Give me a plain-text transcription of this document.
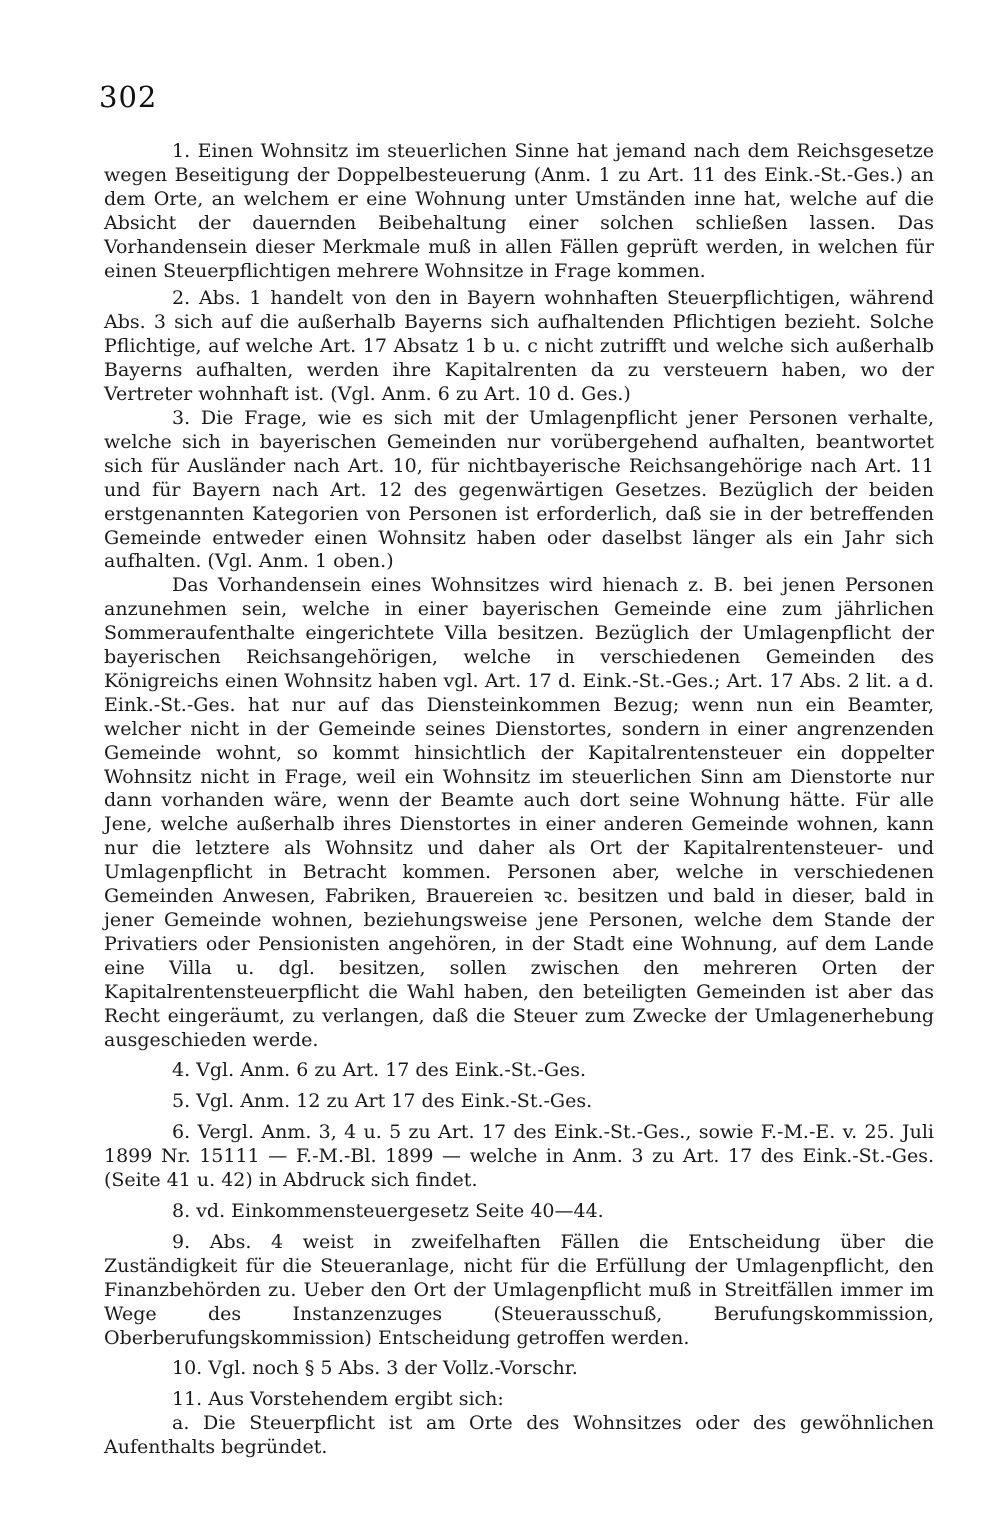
302

1. Einen Wohnsitz im steuerlichen Sinne hat jemand nach dem Reichsgesetze wegen Beseitigung der Doppelbesteuerung (Anm. 1 zu Art. 11 des Eink.-St.-Ges.) an dem Orte, an welchem er eine Wohnung unter Umständen inne hat, welche auf die Absicht der dauernden Beibehaltung einer solchen schließen lassen. Das Vorhandensein dieser Merkmale muß in allen Fällen geprüft werden, in welchen für einen Steuerpflichtigen mehrere Wohnsitze in Frage kommen.

2. Abs. 1 handelt von den in Bayern wohnhaften Steuerpflichtigen, während Abs. 3 sich auf die außerhalb Bayerns sich aufhaltenden Pflichtigen bezieht. Solche Pflichtige, auf welche Art. 17 Absatz 1 b u. c nicht zutrifft und welche sich außerhalb Bayerns aufhalten, werden ihre Kapitalrenten da zu versteuern haben, wo der Vertreter wohnhaft ist. (Vgl. Anm. 6 zu Art. 10 d. Ges.)

3. Die Frage, wie es sich mit der Umlagenpflicht jener Personen verhalte, welche sich in bayerischen Gemeinden nur vorübergehend aufhalten, beantwortet sich für Ausländer nach Art. 10, für nichtbayerische Reichsangehörige nach Art. 11 und für Bayern nach Art. 12 des gegenwärtigen Gesetzes. Bezüglich der beiden erstgenannten Kategorien von Personen ist erforderlich, daß sie in der betreffenden Gemeinde entweder einen Wohnsitz haben oder daselbst länger als ein Jahr sich aufhalten. (Vgl. Anm. 1 oben.)

Das Vorhandensein eines Wohnsitzes wird hienach z. B. bei jenen Personen anzunehmen sein, welche in einer bayerischen Gemeinde eine zum jährlichen Sommeraufenthalte eingerichtete Villa besitzen. Bezüglich der Umlagenpflicht der bayerischen Reichsangehörigen, welche in verschiedenen Gemeinden des Königreichs einen Wohnsitz haben vgl. Art. 17 d. Eink.-St.-Ges.; Art. 17 Abs. 2 lit. a d. Eink.-St.-Ges. hat nur auf das Diensteinkommen Bezug; wenn nun ein Beamter, welcher nicht in der Gemeinde seines Dienstortes, sondern in einer angrenzenden Gemeinde wohnt, so kommt hinsichtlich der Kapitalrentensteuer ein doppelter Wohnsitz nicht in Frage, weil ein Wohnsitz im steuerlichen Sinn am Dienstorte nur dann vorhanden wäre, wenn der Beamte auch dort seine Wohnung hätte. Für alle Jene, welche außerhalb ihres Dienstortes in einer anderen Gemeinde wohnen, kann nur die letztere als Wohnsitz und daher als Ort der Kapitalrentensteuer- und Umlagenpflicht in Betracht kommen. Personen aber, welche in verschiedenen Gemeinden Anwesen, Fabriken, Brauereien ꝛc. besitzen und bald in dieser, bald in jener Gemeinde wohnen, beziehungsweise jene Personen, welche dem Stande der Privatiers oder Pensionisten angehören, in der Stadt eine Wohnung, auf dem Lande eine Villa u. dgl. besitzen, sollen zwischen den mehreren Orten der Kapitalrentensteuerpflicht die Wahl haben, den beteiligten Gemeinden ist aber das Recht eingeräumt, zu verlangen, daß die Steuer zum Zwecke der Umlagenerhebung ausgeschieden werde.

4. Vgl. Anm. 6 zu Art. 17 des Eink.-St.-Ges.

5. Vgl. Anm. 12 zu Art 17 des Eink.-St.-Ges.

6. Vergl. Anm. 3, 4 u. 5 zu Art. 17 des Eink.-St.-Ges., sowie F.-M.-E. v. 25. Juli 1899 Nr. 15111 — F.-M.-Bl. 1899 — welche in Anm. 3 zu Art. 17 des Eink.-St.-Ges. (Seite 41 u. 42) in Abdruck sich findet.

8. vd. Einkommensteuergesetz Seite 40—44.

9. Abs. 4 weist in zweifelhaften Fällen die Entscheidung über die Zuständigkeit für die Steueranlage, nicht für die Erfüllung der Umlagenpflicht, den Finanzbehörden zu. Ueber den Ort der Umlagenpflicht muß in Streitfällen immer im Wege des Instanzenzuges (Steuerausschuß, Berufungskommission, Oberberufungskommission) Entscheidung getroffen werden.

10. Vgl. noch § 5 Abs. 3 der Vollz.-Vorschr.

11. Aus Vorstehendem ergibt sich:

a. Die Steuerpflicht ist am Orte des Wohnsitzes oder des gewöhnlichen Aufenthalts begründet.
